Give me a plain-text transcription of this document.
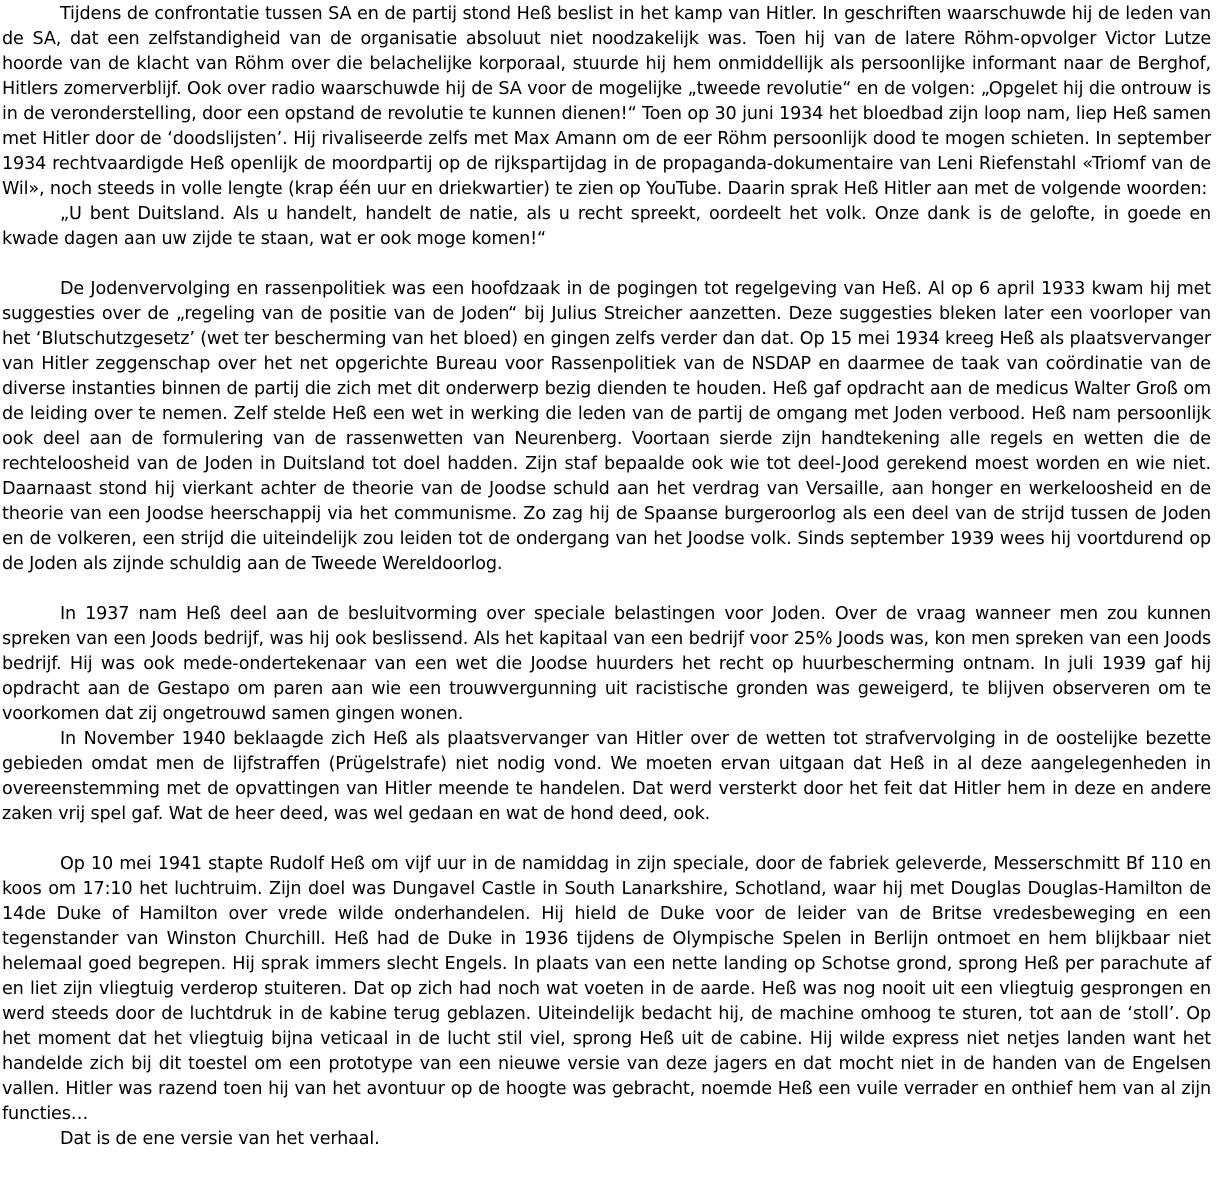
Tijdens de confrontatie tussen SA en de partij stond Heß beslist in het kamp van Hitler. In geschriften waarschuwde hij de leden van de SA, dat een zelfstandigheid van de organisatie absoluut niet noodzakelijk was. Toen hij van de latere Röhm-opvolger Victor Lutze hoorde van de klacht van Röhm over die belachelijke korporaal, stuurde hij hem onmiddellijk als persoonlijke informant naar de Berghof, Hitlers zomerverblijf. Ook over radio waarschuwde hij de SA voor de mogelijke „tweede revolutie“ en de volgen: „Opgelet hij die ontrouw is in de veronderstelling, door een opstand de revolutie te kunnen dienen!“ Toen op 30 juni 1934 het bloedbad zijn loop nam, liep Heß samen met Hitler door de ‘doodslijsten’. Hij rivaliseerde zelfs met Max Amann om de eer Röhm persoonlijk dood te mogen schieten. In september 1934 rechtvaardigde Heß openlijk de moordpartij op de rijkspartijdag in de propaganda-dokumentaire van Leni Riefenstahl «Triomf van de Wil», noch steeds in volle lengte (krap één uur en driekwartier) te zien op YouTube. Daarin sprak Heß Hitler aan met de volgende woorden:

„U bent Duitsland. Als u handelt, handelt de natie, als u recht spreekt, oordeelt het volk. Onze dank is de gelofte, in goede en kwade dagen aan uw zijde te staan, wat er ook moge komen!“

De Jodenvervolging en rassenpolitiek was een hoofdzaak in de pogingen tot regelgeving van Heß. Al op 6 april 1933 kwam hij met suggesties over de „regeling van de positie van de Joden“ bij Julius Streicher aanzetten. Deze suggesties bleken later een voorloper van het ‘Blutschutzgesetz’ (wet ter bescherming van het bloed) en gingen zelfs verder dan dat. Op 15 mei 1934 kreeg Heß als plaatsvervanger van Hitler zeggenschap over het net opgerichte Bureau voor Rassenpolitiek van de NSDAP en daarmee de taak van coördinatie van de diverse instanties binnen de partij die zich met dit onderwerp bezig dienden te houden. Heß gaf opdracht aan de medicus Walter Groß om de leiding over te nemen. Zelf stelde Heß een wet in werking die leden van de partij de omgang met Joden verbood. Heß nam persoonlijk ook deel aan de formulering van de rassenwetten van Neurenberg. Voortaan sierde zijn handtekening alle regels en wetten die de rechteloosheid van de Joden in Duitsland tot doel hadden. Zijn staf bepaalde ook wie tot deel-Jood gerekend moest worden en wie niet. Daarnaast stond hij vierkant achter de theorie van de Joodse schuld aan het verdrag van Versaille, aan honger en werkeloosheid en de theorie van een Joodse heerschappij via het communisme. Zo zag hij de Spaanse burgeroorlog als een deel van de strijd tussen de Joden en de volkeren, een strijd die uiteindelijk zou leiden tot de ondergang van het Joodse volk. Sinds september 1939 wees hij voortdurend op de Joden als zijnde schuldig aan de Tweede Wereldoorlog.

In 1937 nam Heß deel aan de besluitvorming over speciale belastingen voor Joden. Over de vraag wanneer men zou kunnen spreken van een Joods bedrijf, was hij ook beslissend. Als het kapitaal van een bedrijf voor 25% Joods was, kon men spreken van een Joods bedrijf. Hij was ook mede-ondertekenaar van een wet die Joodse huurders het recht op huurbescherming ontnam. In juli 1939 gaf hij opdracht aan de Gestapo om paren aan wie een trouwvergunning uit racistische gronden was geweigerd, te blijven observeren om te voorkomen dat zij ongetrouwd samen gingen wonen.

In November 1940 beklaagde zich Heß als plaatsvervanger van Hitler over de wetten tot strafvervolging in de oostelijke bezette gebieden omdat men de lijfstraffen (Prügelstrafe) niet nodig vond. We moeten ervan uitgaan dat Heß in al deze aangelegenheden in overeenstemming met de opvattingen van Hitler meende te handelen. Dat werd versterkt door het feit dat Hitler hem in deze en andere zaken vrij spel gaf. Wat de heer deed, was wel gedaan en wat de hond deed, ook.

Op 10 mei 1941 stapte Rudolf Heß om vijf uur in de namiddag in zijn speciale, door de fabriek geleverde, Messerschmitt Bf 110 en koos om 17:10 het luchtruim. Zijn doel was Dungavel Castle in South Lanarkshire, Schotland, waar hij met Douglas Douglas-Hamilton de 14de Duke of Hamilton over vrede wilde onderhandelen. Hij hield de Duke voor de leider van de Britse vredesbeweging en een tegenstander van Winston Churchill. Heß had de Duke in 1936 tijdens de Olympische Spelen in Berlijn ontmoet en hem blijkbaar niet helemaal goed begrepen. Hij sprak immers slecht Engels. In plaats van een nette landing op Schotse grond, sprong Heß per parachute af en liet zijn vliegtuig verderop stuiteren. Dat op zich had noch wat voeten in de aarde. Heß was nog nooit uit een vliegtuig gesprongen en werd steeds door de luchtdruk in de kabine terug geblazen. Uiteindelijk bedacht hij, de machine omhoog te sturen, tot aan de ‘stoll’. Op het moment dat het vliegtuig bijna veticaal in de lucht stil viel, sprong Heß uit de cabine. Hij wilde express niet netjes landen want het handelde zich bij dit toestel om een prototype van een nieuwe versie van deze jagers en dat mocht niet in de handen van de Engelsen vallen. Hitler was razend toen hij van het avontuur op de hoogte was gebracht, noemde Heß een vuile verrader en onthief hem van al zijn functies…

Dat is de ene versie van het verhaal.
